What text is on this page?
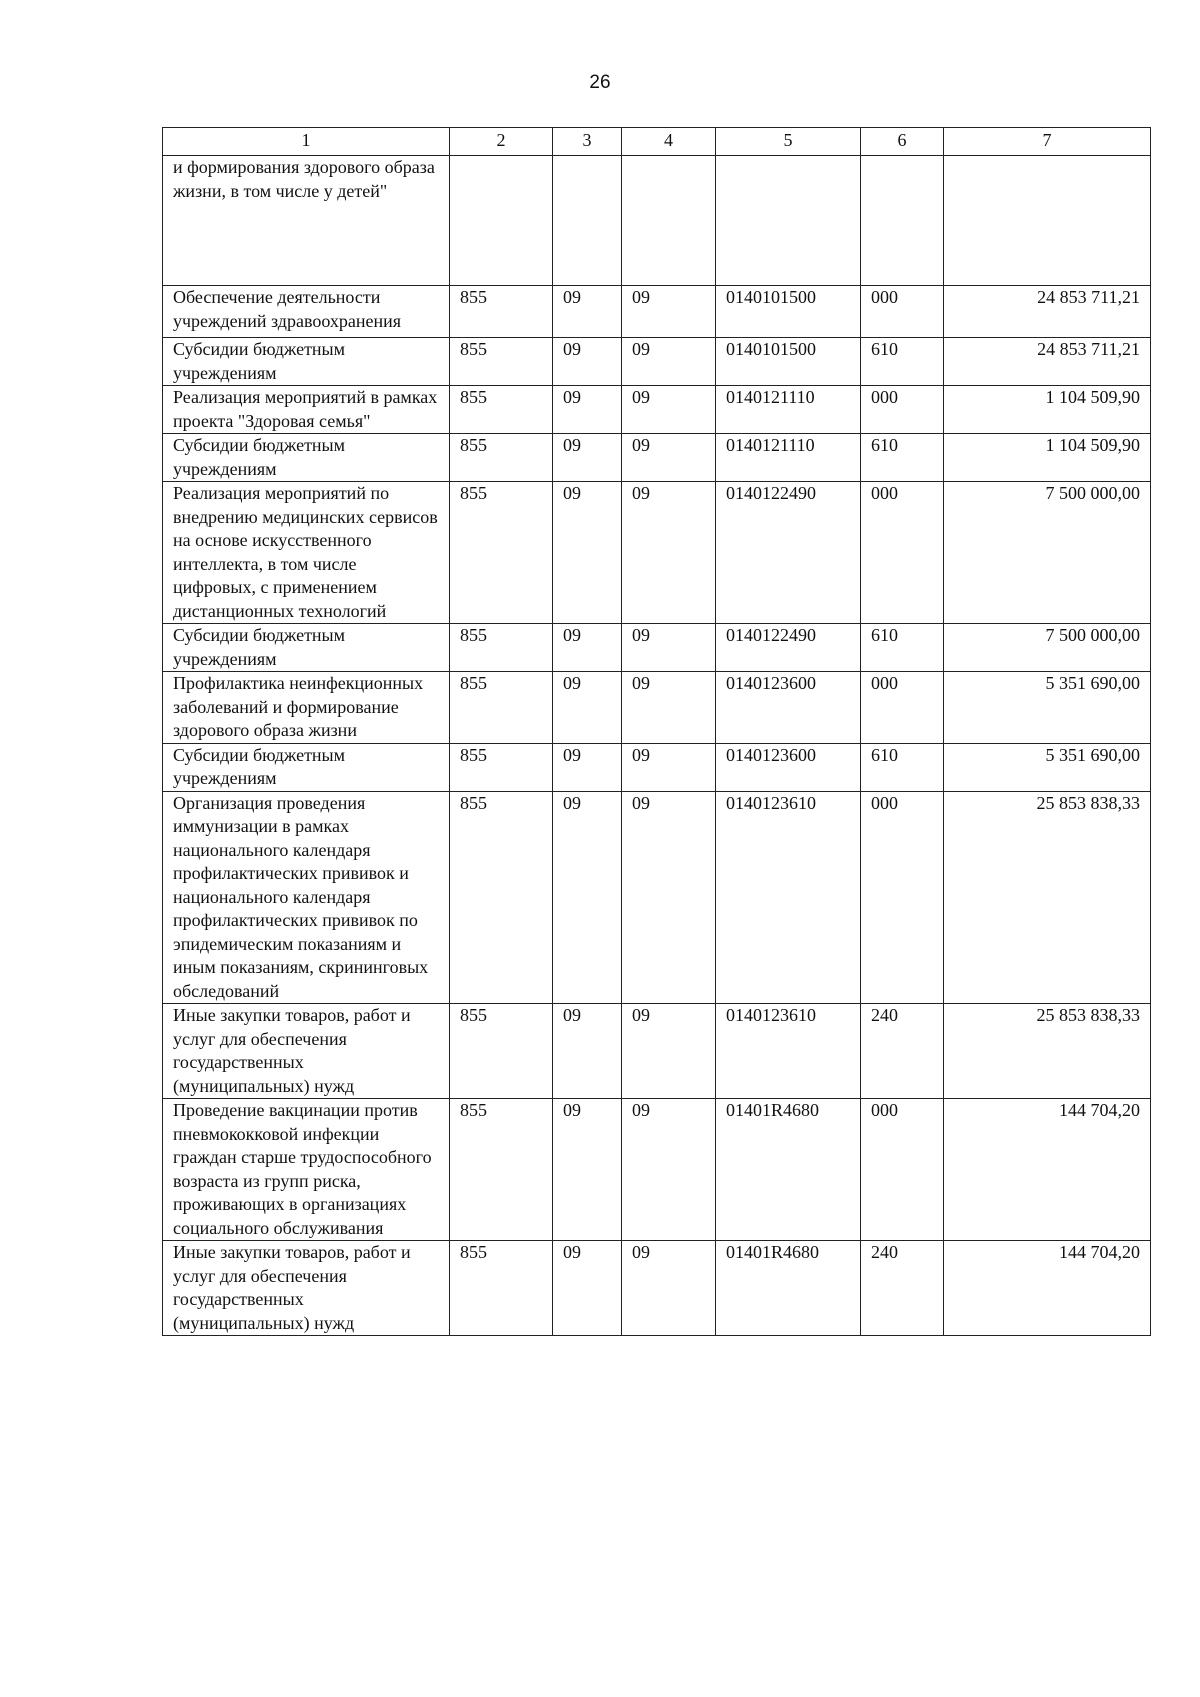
26
1	2	3	4	5	6	7
и формирования здорового образа жизни, в том числе у детей"						
Обеспечение деятельности учреждений здравоохранения	855	09	09	0140101500	000	24 853 711,21
Субсидии бюджетным учреждениям	855	09	09	0140101500	610	24 853 711,21
Реализация мероприятий в рамках проекта "Здоровая семья"	855	09	09	0140121110	000	1 104 509,90
Субсидии бюджетным учреждениям	855	09	09	0140121110	610	1 104 509,90
Реализация мероприятий по внедрению медицинских сервисов на основе искусственного интеллекта, в том числе цифровых, с применением дистанционных технологий	855	09	09	0140122490	000	7 500 000,00
Субсидии бюджетным учреждениям	855	09	09	0140122490	610	7 500 000,00
Профилактика неинфекционных заболеваний и формирование здорового образа жизни	855	09	09	0140123600	000	5 351 690,00
Субсидии бюджетным учреждениям	855	09	09	0140123600	610	5 351 690,00
Организация проведения иммунизации в рамках национального календаря профилактических прививок и национального календаря профилактических прививок по эпидемическим показаниям и иным показаниям, скрининговых обследований	855	09	09	0140123610	000	25 853 838,33
Иные закупки товаров, работ и услуг для обеспечения государственных (муниципальных) нужд	855	09	09	0140123610	240	25 853 838,33
Проведение вакцинации против пневмококковой инфекции граждан старше трудоспособного возраста из групп риска, проживающих в организациях социального обслуживания	855	09	09	01401R4680	000	144 704,20
Иные закупки товаров, работ и услуг для обеспечения государственных (муниципальных) нужд	855	09	09	01401R4680	240	144 704,20
